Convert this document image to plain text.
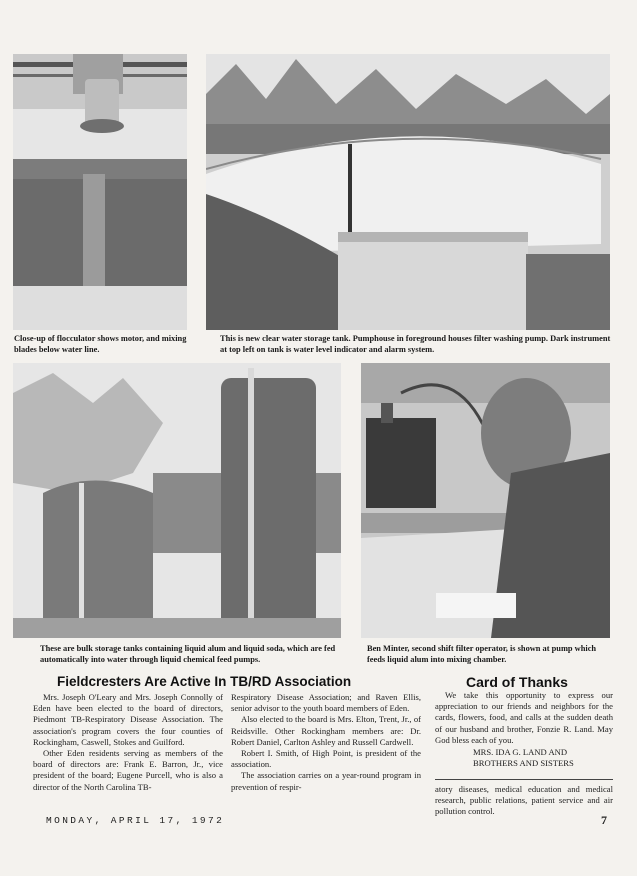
Close-up of flocculator shows motor, and mixing blades below water line.
This is new clear water storage tank. Pumphouse in foreground houses filter washing pump. Dark instrument at top left on tank is water level indicator and alarm system.
These are bulk storage tanks containing liquid alum and liquid soda, which are fed automatically into water through liquid chemical feed pumps.
Ben Minter, second shift filter operator, is shown at pump which feeds liquid alum into mixing chamber.
Fieldcresters Are Active In TB/RD Association

Mrs. Joseph O'Leary and Mrs. Joseph Connolly of Eden have been elected to the board of directors, Piedmont TB-Respiratory Disease Association. The association's program covers the four counties of Rockingham, Caswell, Stokes and Guilford.

Other Eden residents serving as members of the board of directors are: Frank E. Barron, Jr., vice president of the board; Eugene Purcell, who is also a director of the North Carolina TB-

Respiratory Disease Association; and Raven Ellis, senior advisor to the youth board members of Eden.

Also elected to the board is Mrs. Elton, Trent, Jr., of Reidsville. Other Rockingham members are: Dr. Robert Daniel, Carlton Ashley and Russell Cardwell.

Robert I. Smith, of High Point, is president of the association.

The association carries on a year-round program in prevention of respir-

Card of Thanks

We take this opportunity to express our appreciation to our friends and neighbors for the cards, flowers, food, and calls at the sudden death of our husband and brother, Fonzie R. Land. May God bless each of you.

MRS. IDA G. LAND AND

BROTHERS AND SISTERS

atory diseases, medical education and medical research, public relations, patient service and air pollution control.

MONDAY, APRIL 17, 1972	7
